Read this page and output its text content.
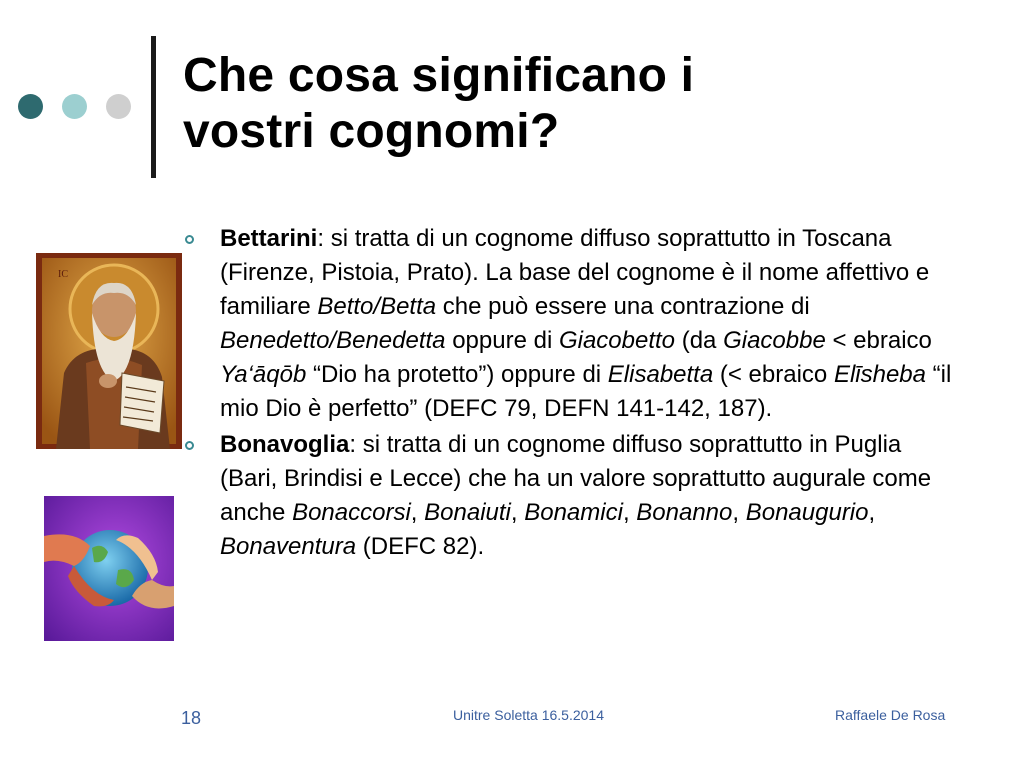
Che cosa significano i
vostri cognomi?
ΙϹ
Bettarini: si tratta di un cognome diffuso soprattutto in Toscana (Firenze, Pistoia, Prato). La base del cognome è il nome affettivo e familiare Betto/Betta che può essere una contrazione di Benedetto/Benedetta oppure di Giacobetto (da Giacobbe < ebraico Ya‘āqōb “Dio ha protetto”) oppure di Elisabetta (< ebraico Elīsheba “il mio Dio è perfetto” (DEFC 79, DEFN 141-142, 187).
Bonavoglia: si tratta di un cognome diffuso soprattutto in Puglia (Bari, Brindisi e Lecce) che ha un valore soprattutto augurale come anche Bonaccorsi, Bonaiuti, Bonamici, Bonanno, Bonaugurio, Bonaventura (DEFC 82).
18	Unitre Soletta 16.5.2014	Raffaele De Rosa
